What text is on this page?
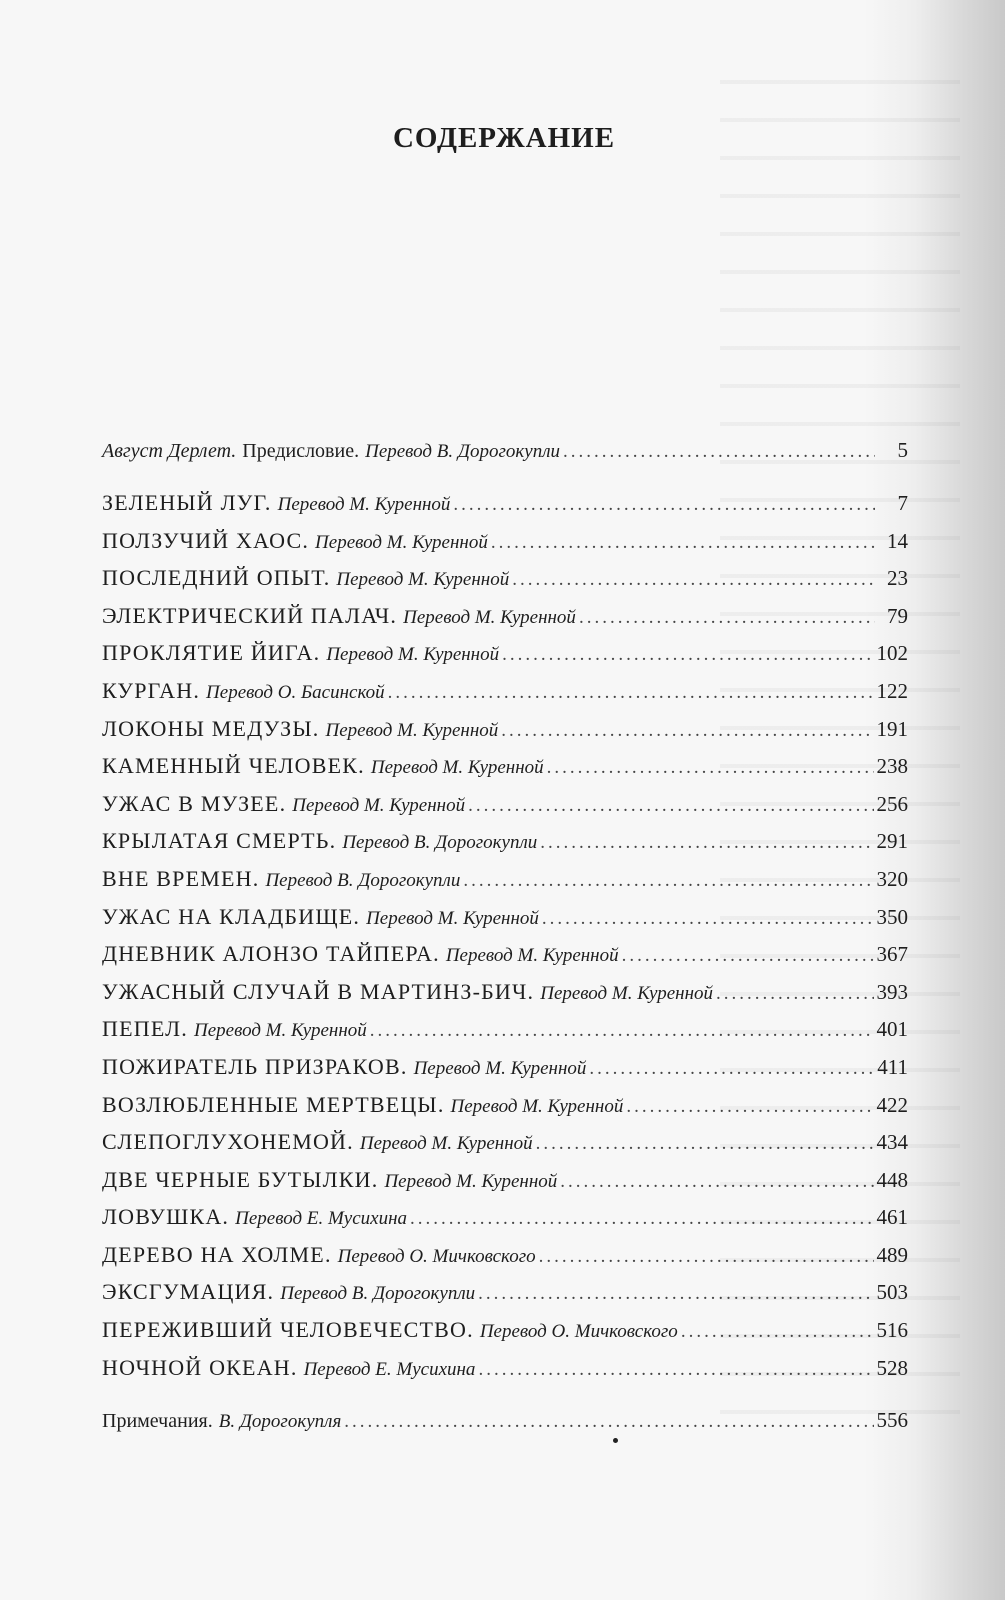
СОДЕРЖАНИЕ
Август Дерлет. Предисловие. Перевод В. Дорогокупли .....	5
ЗЕЛЕНЫЙ ЛУГ. Перевод М. Куренной .....	7
ПОЛЗУЧИЙ ХАОС. Перевод М. Куренной .....	14
ПОСЛЕДНИЙ ОПЫТ. Перевод М. Куренной .....	23
ЭЛЕКТРИЧЕСКИЙ ПАЛАЧ. Перевод М. Куренной .....	79
ПРОКЛЯТИЕ ЙИГА. Перевод М. Куренной .....	102
КУРГАН. Перевод О. Басинской .....	122
ЛОКОНЫ МЕДУЗЫ. Перевод М. Куренной .....	191
КАМЕННЫЙ ЧЕЛОВЕК. Перевод М. Куренной .....	238
УЖАС В МУЗЕЕ. Перевод М. Куренной .....	256
КРЫЛАТАЯ СМЕРТЬ. Перевод В. Дорогокупли .....	291
ВНЕ ВРЕМЕН. Перевод В. Дорогокупли .....	320
УЖАС НА КЛАДБИЩЕ. Перевод М. Куренной .....	350
ДНЕВНИК АЛОНЗО ТАЙПЕРА. Перевод М. Куренной .....	367
УЖАСНЫЙ СЛУЧАЙ В МАРТИНЗ-БИЧ. Перевод М. Куренной .....	393
ПЕПЕЛ. Перевод М. Куренной .....	401
ПОЖИРАТЕЛЬ ПРИЗРАКОВ. Перевод М. Куренной .....	411
ВОЗЛЮБЛЕННЫЕ МЕРТВЕЦЫ. Перевод М. Куренной .....	422
СЛЕПОГЛУХОНЕМОЙ. Перевод М. Куренной .....	434
ДВЕ ЧЕРНЫЕ БУТЫЛКИ. Перевод М. Куренной .....	448
ЛОВУШКА. Перевод Е. Мусихина .....	461
ДЕРЕВО НА ХОЛМЕ. Перевод О. Мичковского .....	489
ЭКСГУМАЦИЯ. Перевод В. Дорогокупли .....	503
ПЕРЕЖИВШИЙ ЧЕЛОВЕЧЕСТВО. Перевод О. Мичковского .....	516
НОЧНОЙ ОКЕАН. Перевод Е. Мусихина .....	528
Примечания. В. Дорогокупля .....	556
